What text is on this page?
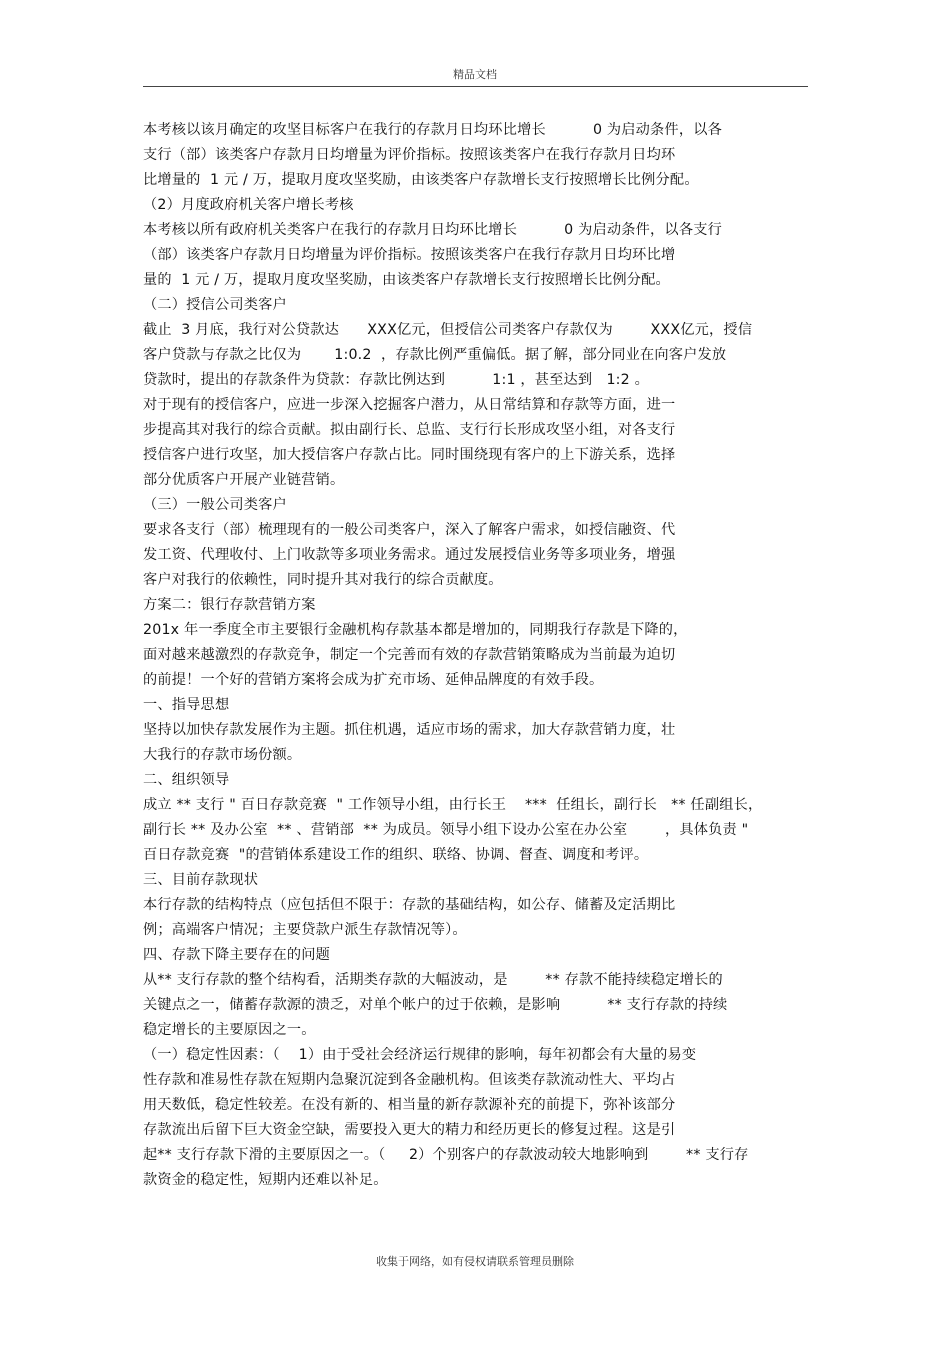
精品文档
本考核以该月确定的攻坚目标客户在我行的存款月日均环比增长          0 为启动条件，以各
支行（部）该类客户存款月日均增量为评价指标。按照该类客户在我行存款月日均环
比增量的  1 元 / 万，提取月度攻坚奖励，由该类客户存款增长支行按照增长比例分配。
（2）月度政府机关客户增长考核
本考核以所有政府机关类客户在我行的存款月日均环比增长          0 为启动条件，以各支行
（部）该类客户存款月日均增量为评价指标。按照该类客户在我行存款月日均环比增
量的  1 元 / 万，提取月度攻坚奖励，由该类客户存款增长支行按照增长比例分配。
（二）授信公司类客户
截止  3 月底，我行对公贷款达      XXX亿元，但授信公司类客户存款仅为        XXX亿元，授信
客户贷款与存款之比仅为       1:0.2  ，存款比例严重偏低。据了解，部分同业在向客户发放
贷款时，提出的存款条件为贷款：存款比例达到          1:1 ，甚至达到   1:2 。
对于现有的授信客户，应进一步深入挖掘客户潜力，从日常结算和存款等方面，进一
步提高其对我行的综合贡献。拟由副行长、总监、支行行长形成攻坚小组，对各支行
授信客户进行攻坚，加大授信客户存款占比。同时围绕现有客户的上下游关系，选择
部分优质客户开展产业链营销。
（三）一般公司类客户
要求各支行（部）梳理现有的一般公司类客户，深入了解客户需求，如授信融资、代
发工资、代理收付、上门收款等多项业务需求。通过发展授信业务等多项业务，增强
客户对我行的依赖性，同时提升其对我行的综合贡献度。
方案二：银行存款营销方案
201x 年一季度全市主要银行金融机构存款基本都是增加的，同期我行存款是下降的，
面对越来越激烈的存款竞争，制定一个完善而有效的存款营销策略成为当前最为迫切
的前提！一个好的营销方案将会成为扩充市场、延伸品牌度的有效手段。
一、指导思想
坚持以加快存款发展作为主题。抓住机遇，适应市场的需求，加大存款营销力度，壮
大我行的存款市场份额。
二、组织领导
成立 ** 支行 " 百日存款竞赛  " 工作领导小组，由行长王    ***  任组长，副行长   ** 任副组长，
副行长 ** 及办公室  ** 、营销部  ** 为成员。领导小组下设办公室在办公室        ，具体负责 "
百日存款竞赛  "的营销体系建设工作的组织、联络、协调、督查、调度和考评。
三、目前存款现状
本行存款的结构特点（应包括但不限于：存款的基础结构，如公存、储蓄及定活期比
例；高端客户情况；主要贷款户派生存款情况等）。
四、存款下降主要存在的问题
从** 支行存款的整个结构看，活期类存款的大幅波动，是        ** 存款不能持续稳定增长的
关键点之一，储蓄存款源的溃乏，对单个帐户的过于依赖，是影响          ** 支行存款的持续
稳定增长的主要原因之一。
（一）稳定性因素：（    1）由于受社会经济运行规律的影响，每年初都会有大量的易变
性存款和准易性存款在短期内急聚沉淀到各金融机构。但该类存款流动性大、平均占
用天数低，稳定性较差。在没有新的、相当量的新存款源补充的前提下，弥补该部分
存款流出后留下巨大资金空缺，需要投入更大的精力和经历更长的修复过程。这是引
起** 支行存款下滑的主要原因之一。（     2）个别客户的存款波动较大地影响到        ** 支行存
款资金的稳定性，短期内还难以补足。
收集于网络，如有侵权请联系管理员删除
